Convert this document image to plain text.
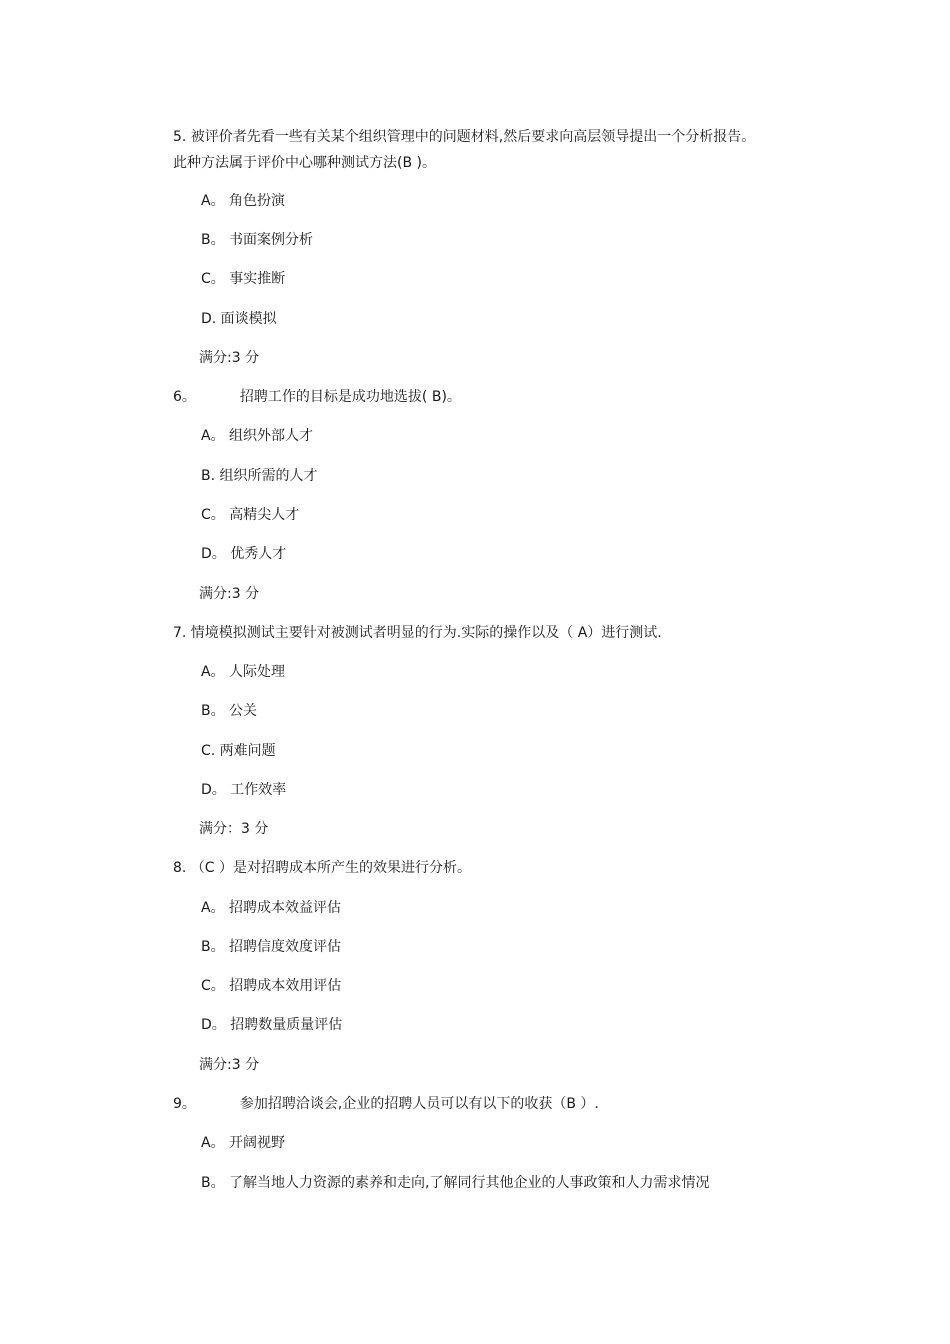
5. 被评价者先看一些有关某个组织管理中的问题材料,然后要求向高层领导提出一个分析报告。
此种方法属于评价中心哪种测试方法(B )。
A。 角色扮演
B。 书面案例分析
C。 事实推断
D. 面谈模拟
满分:3 分
6。	招聘工作的目标是成功地选拔( B)。
A。 组织外部人才
B. 组织所需的人才
C。 高精尖人才
D。 优秀人才
满分:3 分
7. 情境模拟测试主要针对被测试者明显的行为.实际的操作以及（ A）进行测试.
A。 人际处理
B。 公关
C. 两难问题
D。 工作效率
满分：3 分
8. （C ）是对招聘成本所产生的效果进行分析。
A。 招聘成本效益评估
B。 招聘信度效度评估
C。 招聘成本效用评估
D。 招聘数量质量评估
满分:3 分
9。	参加招聘洽谈会,企业的招聘人员可以有以下的收获（B ）.
A。 开阔视野
B。 了解当地人力资源的素养和走向,了解同行其他企业的人事政策和人力需求情况
